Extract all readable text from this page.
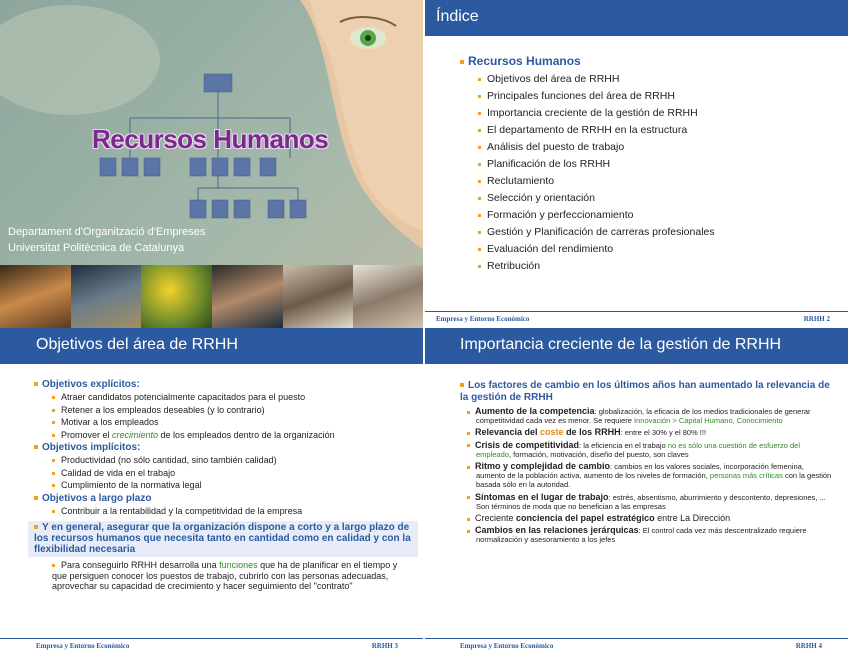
Recursos Humanos
Departament d'Organització d'Empreses
Universitat Politècnica de Catalunya
Índice
Recursos Humanos
Objetivos del área de RRHH
Principales funciones del área de RRHH
Importancia creciente de la gestión de RRHH
El departamento de RRHH en la estructura
Análisis del puesto de trabajo
Planificación de los RRHH
Reclutamiento
Selección y orientación
Formación y perfeccionamiento
Gestión y Planificación de carreras profesionales
Evaluación del rendimiento
Retribución
Empresa y Entorno Económico	RRHH 2
Objetivos del área de RRHH
Objetivos explícitos:
Atraer candidatos potencialmente capacitados para el puesto
Retener a los empleados deseables (y lo contrario)
Motivar a los empleados
Promover el crecimiento de los empleados dentro de la organización
Objetivos implícitos:
Productividad (no sólo cantidad, sino también calidad)
Calidad de vida en el trabajo
Cumplimiento de la normativa legal
Objetivos a largo plazo
Contribuir a la rentabilidad y la competitividad de la empresa
Y en general, asegurar que la organización dispone a corto y a largo plazo de los recursos humanos que necesita tanto en cantidad como en calidad y con la flexibilidad necesaria
Para conseguirlo RRHH desarrolla una funciones que ha de planificar en el tiempo y que persiguen conocer los puestos de trabajo, cubrirlo con las personas adecuadas, aprovechar su capacidad de crecimiento y hacer seguimiento del "contrato"
Empresa y Entorno Económico	RRHH 3
Importancia creciente de la gestión de RRHH
Los factores de cambio en los últimos años han aumentado la relevancia de la gestión de RRHH
Aumento de la competencia: globalización, la eficacia de los medios tradicionales de generar competitividad cada vez es menor. Se requiere Innovación > Capital Humano, Conocimiento
Relevancia del coste de los RRHH: entre el 30% y el 80% !!!
Crisis de competitividad: la eficiencia en el trabajo no es sólo una cuestión de esfuerzo del empleado, formación, motivación, diseño del puesto, son claves
Ritmo y complejidad de cambio: cambios en los valores sociales, incorporación femenina, aumento de la población activa, aumento de los niveles de formación, personas más críticas con la gestión basada sólo en la autoridad.
Síntomas en el lugar de trabajo: estrés, absentismo, aburrimiento y descontento, depresiones, ... Son términos de moda que no benefician a las empresas
Creciente conciencia del papel estratégico entre La Dirección
Cambios en las relaciones jerárquicas: El control cada vez más descentralizado requiere normalización y asesoramiento a los jefes
Empresa y Entorno Económico	RRHH 4
